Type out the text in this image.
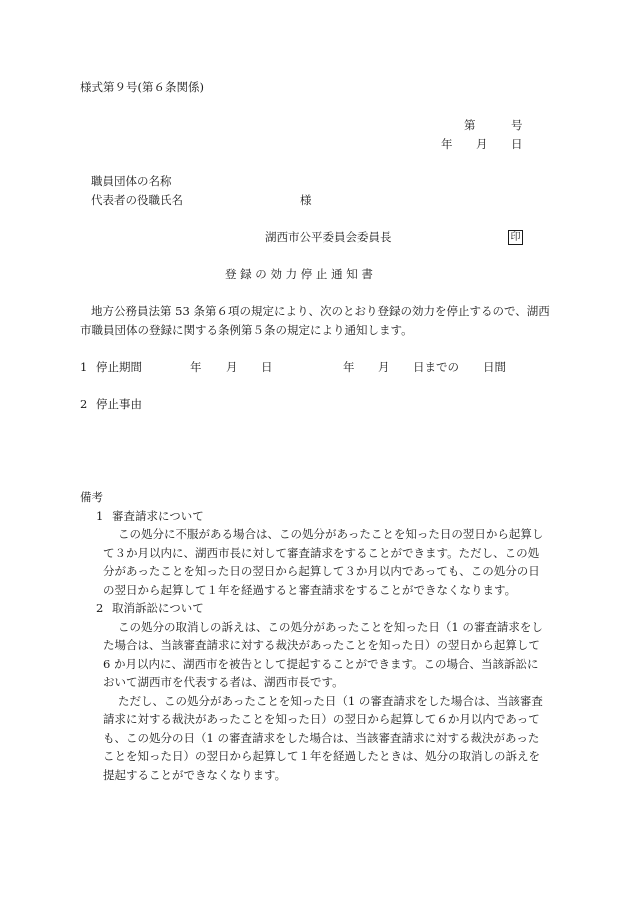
様式第９号(第６条関係)
第	号
年 月 日
職員団体の名称
代表者の役職氏名	様
湖西市公平委員会委員長	印
登 録 の 効 力 停 止 通 知 書
地方公務員法第 53 条第６項の規定により、次のとおり登録の効力を停止するので、湖西
市職員団体の登録に関する条例第５条の規定により通知します。
1 停止期間	年 月 日	年 月 日までの 日間
2 停止事由
備考
1 審査請求について
この処分に不服がある場合は、この処分があったことを知った日の翌日から起算し
て３か月以内に、湖西市長に対して審査請求をすることができます。ただし、この処
分があったことを知った日の翌日から起算して３か月以内であっても、この処分の日
の翌日から起算して１年を経過すると審査請求をすることができなくなります。
2 取消訴訟について
この処分の取消しの訴えは、この処分があったことを知った日（1 の審査請求をし
た場合は、当該審査請求に対する裁決があったことを知った日）の翌日から起算して
6 か月以内に、湖西市を被告として提起することができます。この場合、当該訴訟に
おいて湖西市を代表する者は、湖西市長です。
ただし、この処分があったことを知った日（1 の審査請求をした場合は、当該審査
請求に対する裁決があったことを知った日）の翌日から起算して６か月以内であって
も、この処分の日（1 の審査請求をした場合は、当該審査請求に対する裁決があった
ことを知った日）の翌日から起算して１年を経過したときは、処分の取消しの訴えを
提起することができなくなります。
